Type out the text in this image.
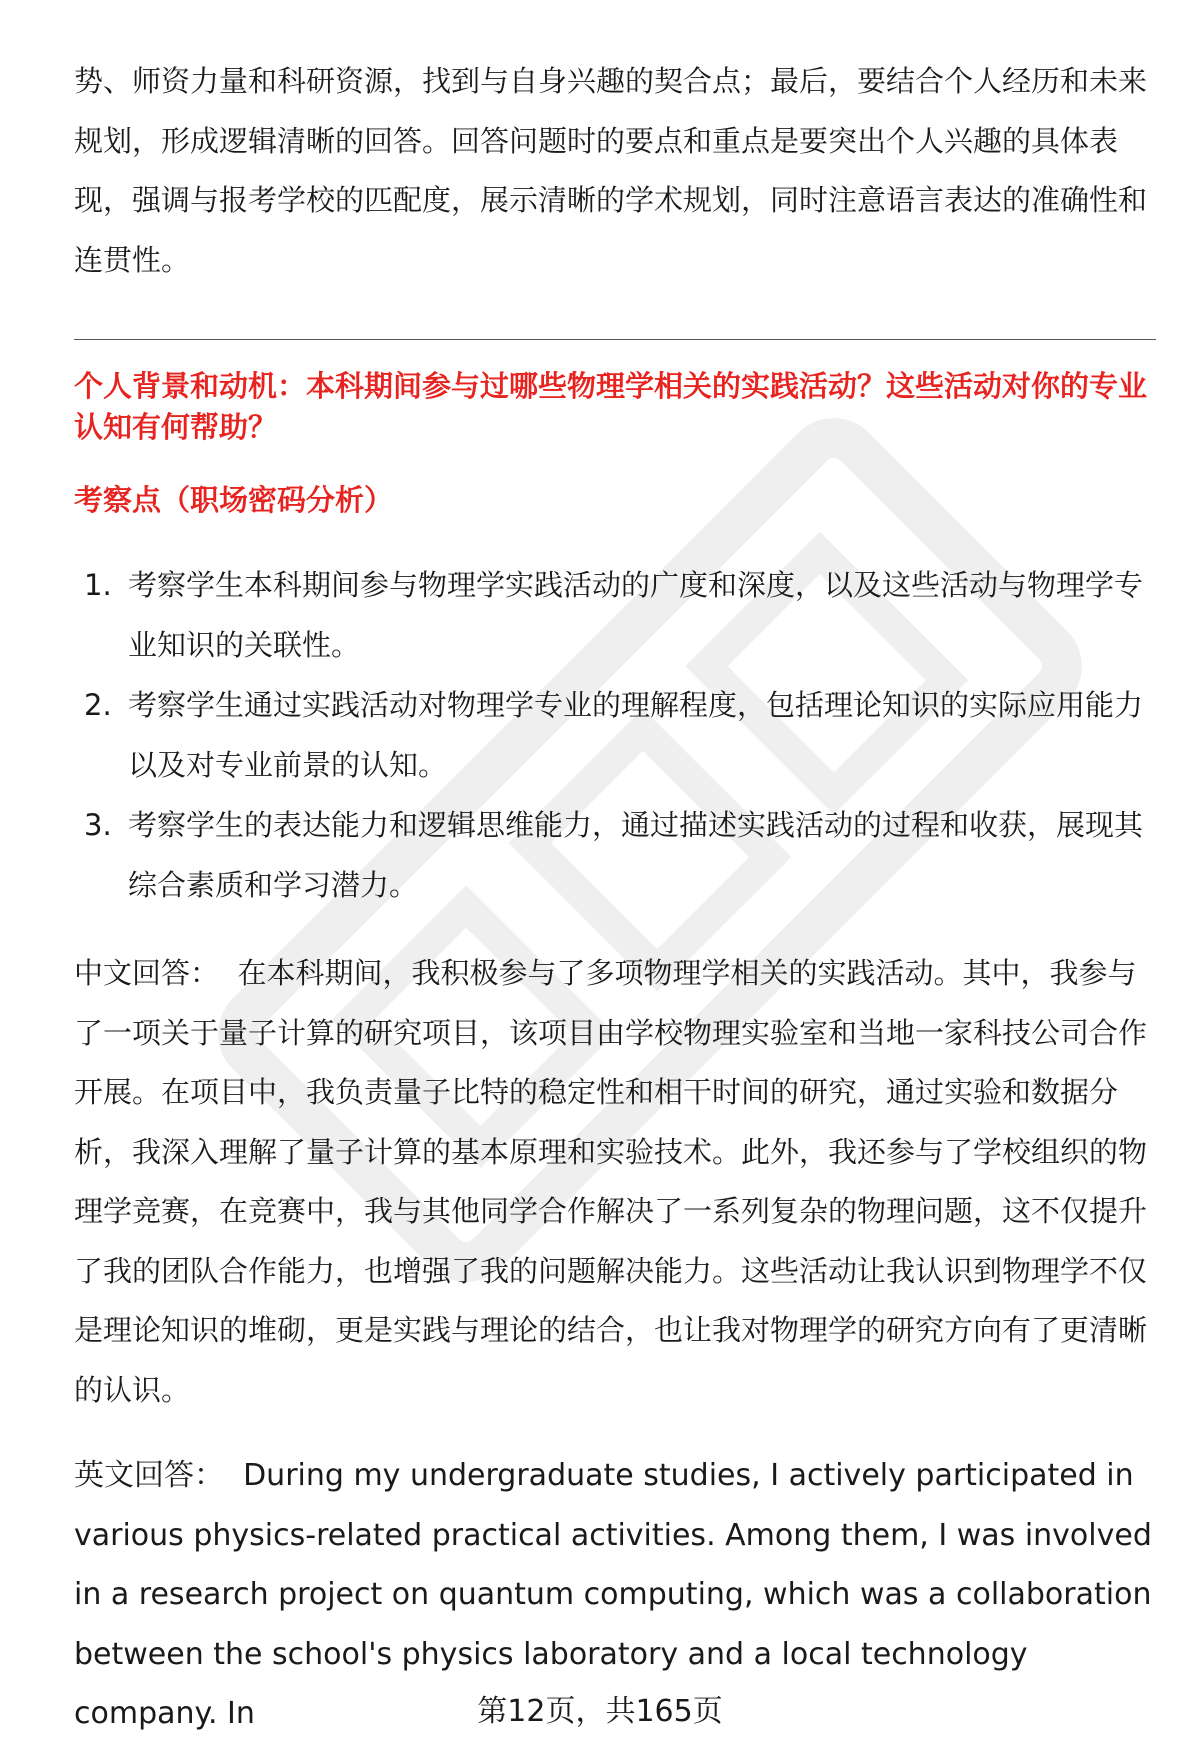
势、师资力量和科研资源，找到与自身兴趣的契合点；最后，要结合个人经历和未来规划，形成逻辑清晰的回答。回答问题时的要点和重点是要突出个人兴趣的具体表现，强调与报考学校的匹配度，展示清晰的学术规划，同时注意语言表达的准确性和连贯性。

个人背景和动机：本科期间参与过哪些物理学相关的实践活动？这些活动对你的专业认知有何帮助？
考察点（职场密码分析）
1. 考察学生本科期间参与物理学实践活动的广度和深度，以及这些活动与物理学专业知识的关联性。
2. 考察学生通过实践活动对物理学专业的理解程度，包括理论知识的实际应用能力以及对专业前景的认知。
3. 考察学生的表达能力和逻辑思维能力，通过描述实践活动的过程和收获，展现其综合素质和学习潜力。

中文回答： 在本科期间，我积极参与了多项物理学相关的实践活动。其中，我参与了一项关于量子计算的研究项目，该项目由学校物理实验室和当地一家科技公司合作开展。在项目中，我负责量子比特的稳定性和相干时间的研究，通过实验和数据分析，我深入理解了量子计算的基本原理和实验技术。此外，我还参与了学校组织的物理学竞赛，在竞赛中，我与其他同学合作解决了一系列复杂的物理问题，这不仅提升了我的团队合作能力，也增强了我的问题解决能力。这些活动让我认识到物理学不仅是理论知识的堆砌，更是实践与理论的结合，也让我对物理学的研究方向有了更清晰的认识。

英文回答： During my undergraduate studies, I actively participated in various physics-related practical activities. Among them, I was involved in a research project on quantum computing, which was a collaboration between the school's physics laboratory and a local technology company. In	第12页，共165页
